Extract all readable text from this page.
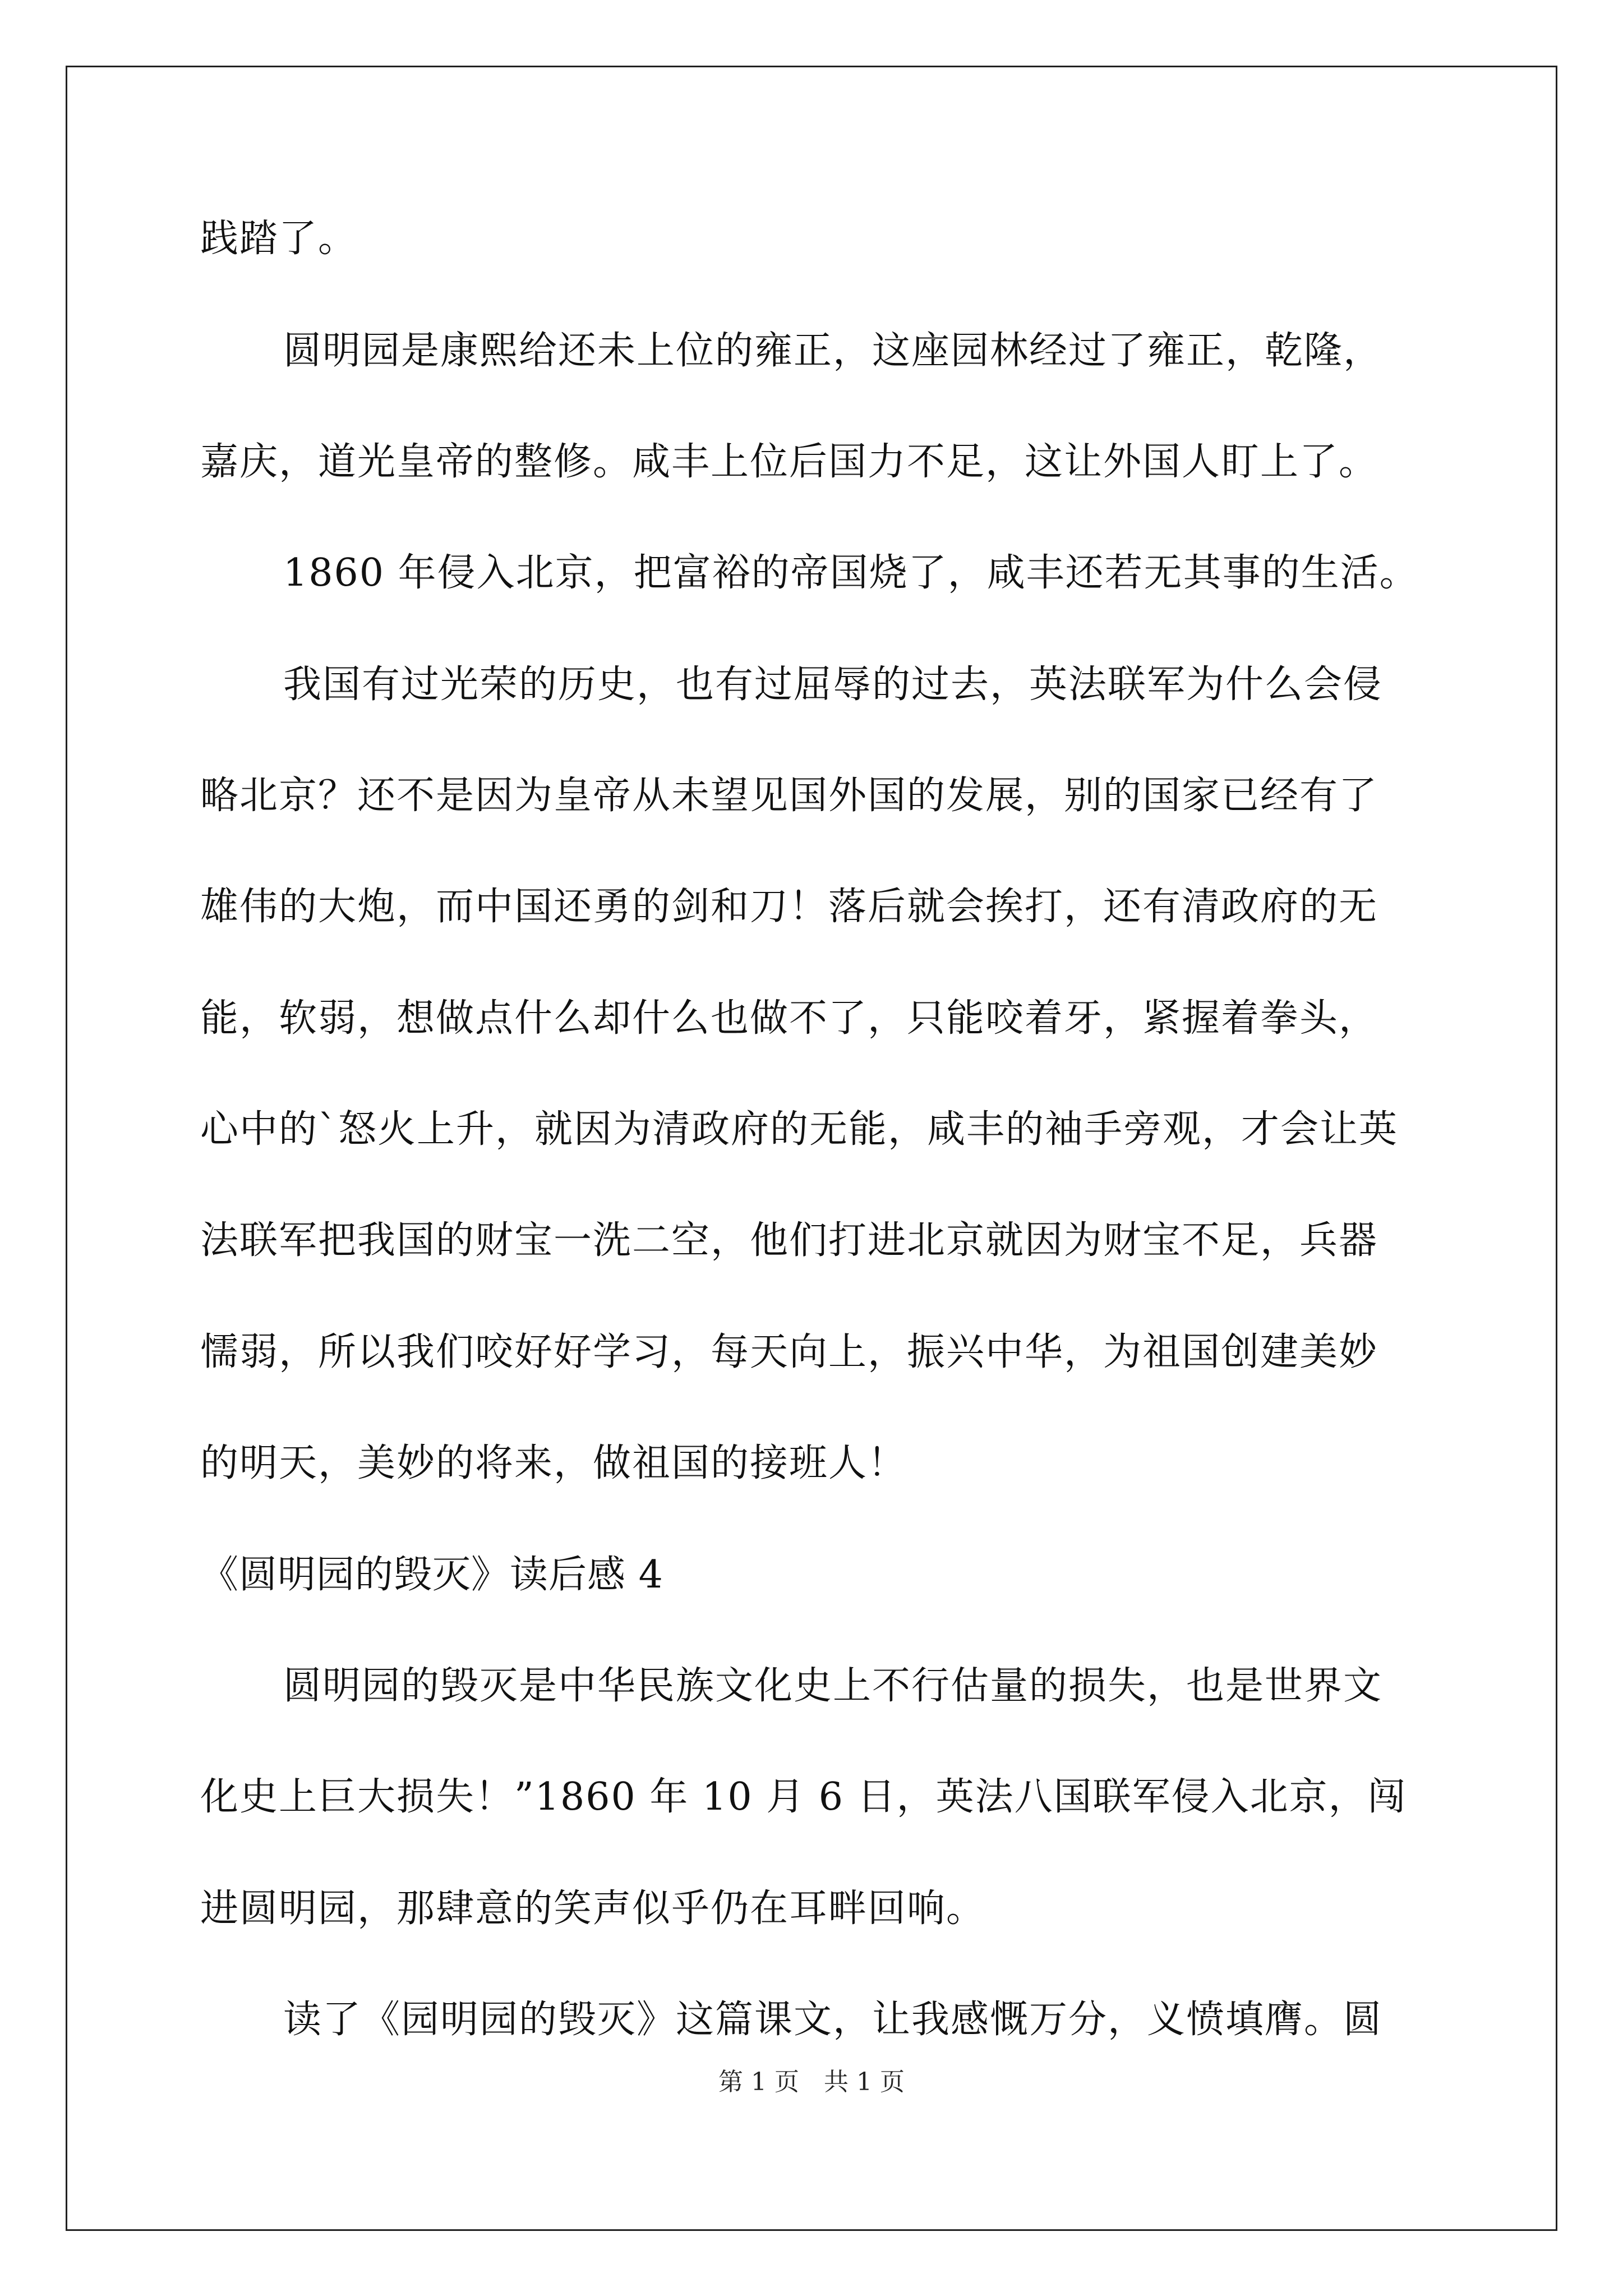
践踏了。
圆明园是康熙给还未上位的雍正，这座园林经过了雍正，乾隆，
嘉庆，道光皇帝的整修。咸丰上位后国力不足，这让外国人盯上了。
1860 年侵入北京，把富裕的帝国烧了，咸丰还若无其事的生活。
我国有过光荣的历史，也有过屈辱的过去，英法联军为什么会侵
略北京？还不是因为皇帝从未望见国外国的发展，别的国家已经有了
雄伟的大炮，而中国还勇的剑和刀！落后就会挨打，还有清政府的无
能，软弱，想做点什么却什么也做不了，只能咬着牙，紧握着拳头，
心中的`怒火上升，就因为清政府的无能，咸丰的袖手旁观，才会让英
法联军把我国的财宝一洗二空，他们打进北京就因为财宝不足，兵器
懦弱，所以我们咬好好学习，每天向上，振兴中华，为祖国创建美妙
的明天，美妙的将来，做祖国的接班人！
《圆明园的毁灭》读后感 4
圆明园的毁灭是中华民族文化史上不行估量的损失，也是世界文
化史上巨大损失！”1860 年 10 月 6 日，英法八国联军侵入北京，闯
进圆明园，那肆意的笑声似乎仍在耳畔回响。
读了《园明园的毁灭》这篇课文，让我感慨万分，义愤填膺。圆
第 1 页　共 1 页
